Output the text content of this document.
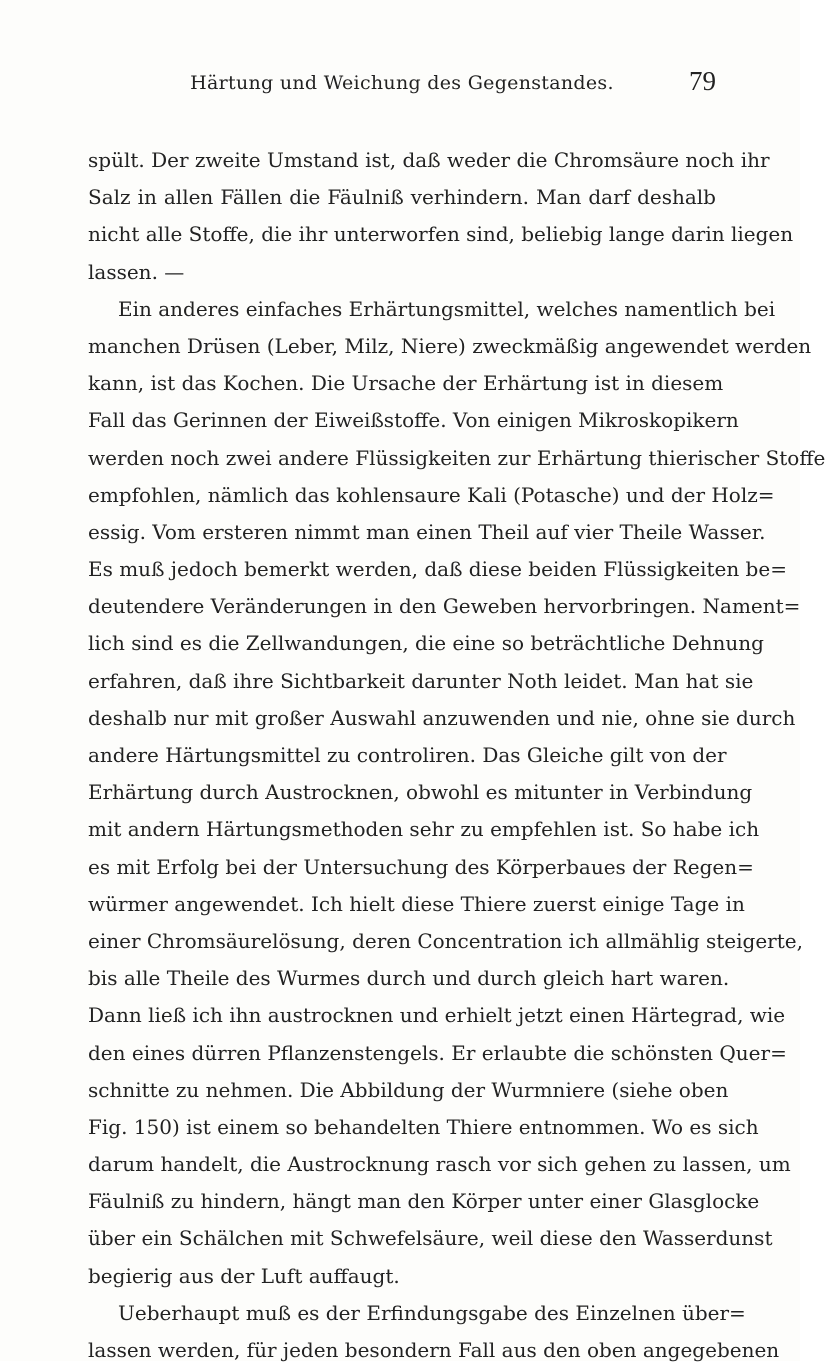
Härtung und Weichung des Gegenstandes.	79
spült. Der zweite Umstand ist, daß weder die Chromsäure noch ihr
Salz in allen Fällen die Fäulniß verhindern. Man darf deshalb
nicht alle Stoffe, die ihr unterworfen sind, beliebig lange darin liegen
lassen. —
Ein anderes einfaches Erhärtungsmittel, welches namentlich bei
manchen Drüsen (Leber, Milz, Niere) zweckmäßig angewendet werden
kann, ist das Kochen. Die Ursache der Erhärtung ist in diesem
Fall das Gerinnen der Eiweißstoffe. Von einigen Mikroskopikern
werden noch zwei andere Flüssigkeiten zur Erhärtung thierischer Stoffe
empfohlen, nämlich das kohlensaure Kali (Potasche) und der Holz=
essig. Vom ersteren nimmt man einen Theil auf vier Theile Wasser.
Es muß jedoch bemerkt werden, daß diese beiden Flüssigkeiten be=
deutendere Veränderungen in den Geweben hervorbringen. Nament=
lich sind es die Zellwandungen, die eine so beträchtliche Dehnung
erfahren, daß ihre Sichtbarkeit darunter Noth leidet. Man hat sie
deshalb nur mit großer Auswahl anzuwenden und nie, ohne sie durch
andere Härtungsmittel zu controliren. Das Gleiche gilt von der
Erhärtung durch Austrocknen, obwohl es mitunter in Verbindung
mit andern Härtungsmethoden sehr zu empfehlen ist. So habe ich
es mit Erfolg bei der Untersuchung des Körperbaues der Regen=
würmer angewendet. Ich hielt diese Thiere zuerst einige Tage in
einer Chromsäurelösung, deren Concentration ich allmählig steigerte,
bis alle Theile des Wurmes durch und durch gleich hart waren.
Dann ließ ich ihn austrocknen und erhielt jetzt einen Härtegrad, wie
den eines dürren Pflanzenstengels. Er erlaubte die schönsten Quer=
schnitte zu nehmen. Die Abbildung der Wurmniere (siehe oben
Fig. 150) ist einem so behandelten Thiere entnommen. Wo es sich
darum handelt, die Austrocknung rasch vor sich gehen zu lassen, um
Fäulniß zu hindern, hängt man den Körper unter einer Glasglocke
über ein Schälchen mit Schwefelsäure, weil diese den Wasserdunst
begierig aus der Luft auffaugt.
Ueberhaupt muß es der Erfindungsgabe des Einzelnen über=
lassen werden, für jeden besondern Fall aus den oben angegebenen
